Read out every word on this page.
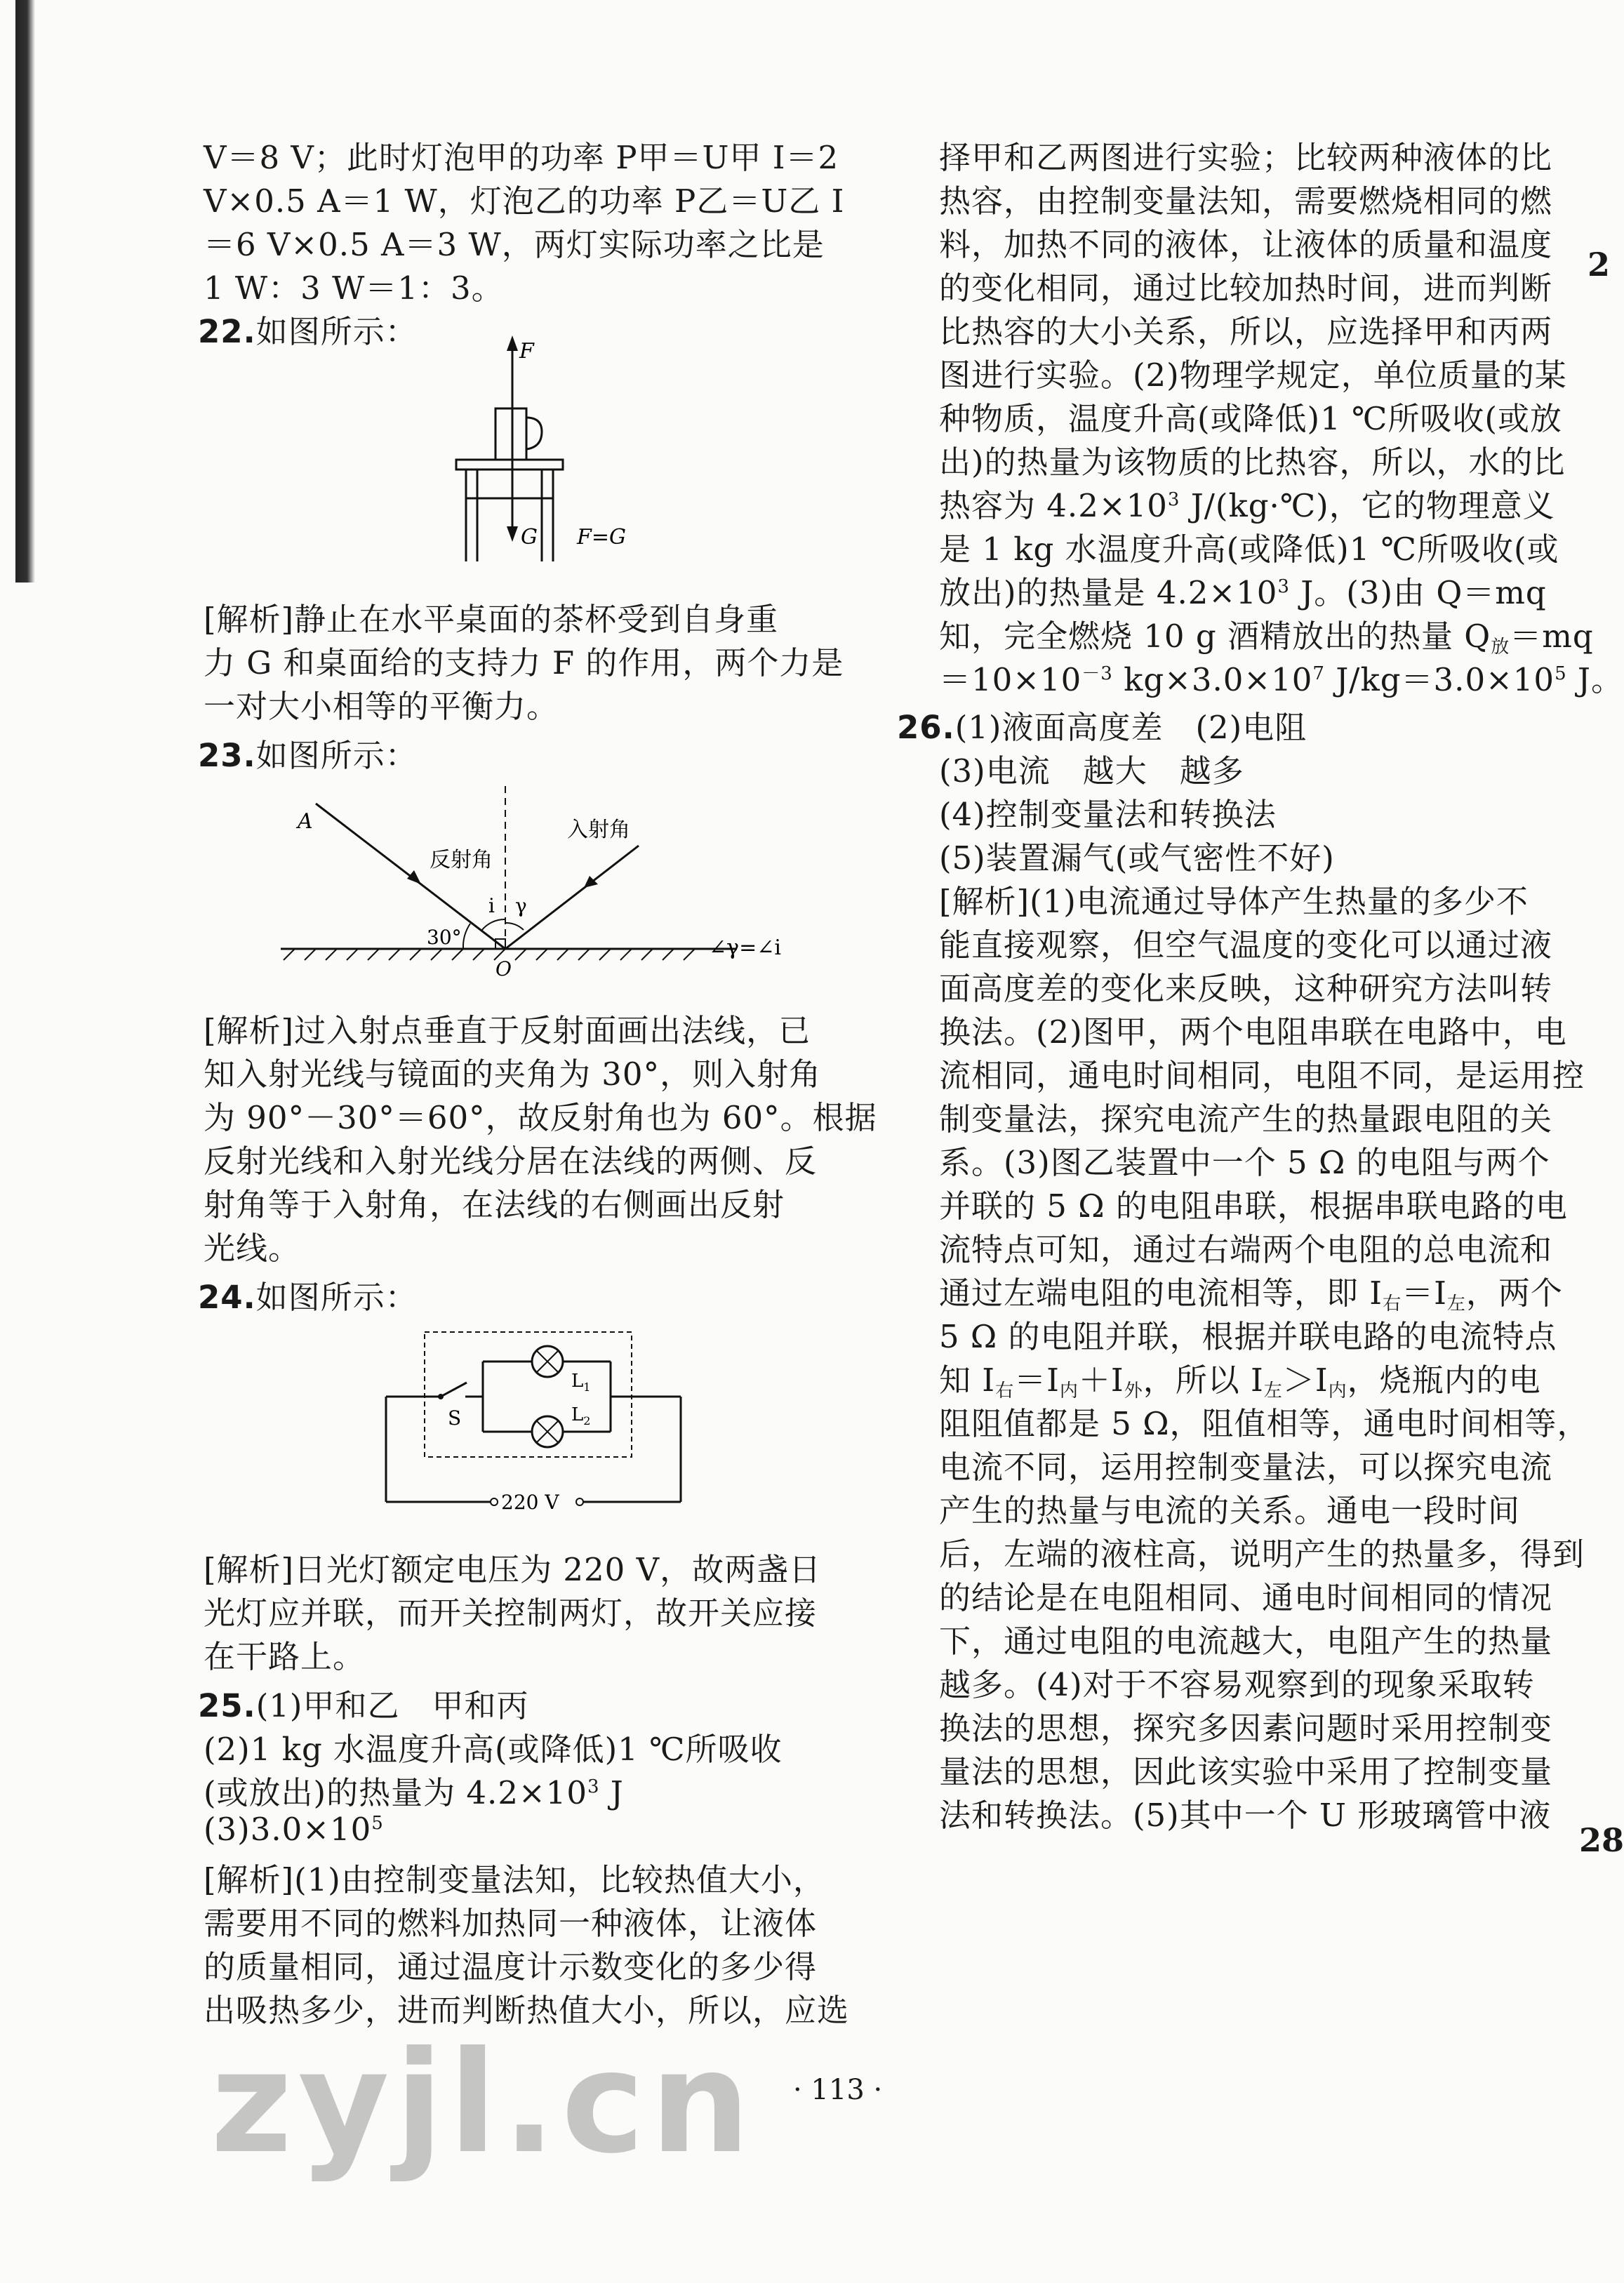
V＝8 V；此时灯泡甲的功率 P甲＝U甲 I＝2
V×0.5 A＝1 W，灯泡乙的功率 P乙＝U乙 I
＝6 V×0.5 A＝3 W，两灯实际功率之比是
1 W：3 W＝1：3。
22.如图所示：
F
G F=G
[解析]静止在水平桌面的茶杯受到自身重
力 G 和桌面给的支持力 F 的作用，两个力是
一对大小相等的平衡力。
23.如图所示：
A
反射角
入射角
i γ
30°
O
∠γ=∠i
[解析]过入射点垂直于反射面画出法线，已
知入射光线与镜面的夹角为 30°，则入射角
为 90°－30°＝60°，故反射角也为 60°。根据
反射光线和入射光线分居在法线的两侧、反
射角等于入射角，在法线的右侧画出反射
光线。
24.如图所示：
S
$L_1$
$L_2$
220 V
[解析]日光灯额定电压为 220 V，故两盏日
光灯应并联，而开关控制两灯，故开关应接
在干路上。
25.(1)甲和乙　甲和丙
(2)1 kg 水温度升高(或降低)1 ℃所吸收
(或放出)的热量为 $4.2\times 10^3$ J
$(3)3.0\times 10^5$
[解析](1)由控制变量法知，比较热值大小，
需要用不同的燃料加热同一种液体，让液体
的质量相同，通过温度计示数变化的多少得
出吸热多少，进而判断热值大小，所以，应选
择甲和乙两图进行实验；比较两种液体的比
热容，由控制变量法知，需要燃烧相同的燃
料，加热不同的液体，让液体的质量和温度
的变化相同，通过比较加热时间，进而判断
比热容的大小关系，所以，应选择甲和丙两
图进行实验。(2)物理学规定，单位质量的某
种物质，温度升高(或降低)1 ℃所吸收(或放
出)的热量为该物质的比热容，所以，水的比
热容为 $4.2\times 10^3$ J/(kg·℃)，它的物理意义
是 1 kg 水温度升高(或降低)1 ℃所吸收(或
放出)的热量是 $4.2\times 10^3$ J。(3)由 Q＝mq
知，完全燃烧 10 g 酒精放出的热量 $Q_放=mq$
$=10\times 10^{-3}$ $kg\times 3.0\times 10^7$ $J/kg=3.0\times 10^5$ J。
26.(1)液面高度差　(2)电阻
(3)电流　越大　越多
(4)控制变量法和转换法
(5)装置漏气(或气密性不好)
[解析](1)电流通过导体产生热量的多少不
能直接观察，但空气温度的变化可以通过液
面高度差的变化来反映，这种研究方法叫转
换法。(2)图甲，两个电阻串联在电路中，电
流相同，通电时间相同，电阻不同，是运用控
制变量法，探究电流产生的热量跟电阻的关
系。(3)图乙装置中一个 5 Ω 的电阻与两个
并联的 5 Ω 的电阻串联，根据串联电路的电
流特点可知，通过右端两个电阻的总电流和
通过左端电阻的电流相等，即 $I_右=I_左$，两个
5 Ω 的电阻并联，根据并联电路的电流特点
知 $I_右=I_内+I_外$，所以 $I_左>I_内$，烧瓶内的电
阻阻值都是 5 Ω，阻值相等，通电时间相等，
电流不同，运用控制变量法，可以探究电流
产生的热量与电流的关系。通电一段时间
后，左端的液柱高，说明产生的热量多，得到
的结论是在电阻相同、通电时间相同的情况
下，通过电阻的电流越大，电阻产生的热量
越多。(4)对于不容易观察到的现象采取转
换法的思想，探究多因素问题时采用控制变
量法的思想，因此该实验中采用了控制变量
法和转换法。(5)其中一个 U 形玻璃管中液
2
28
· 113 ·
zyjl.cn
